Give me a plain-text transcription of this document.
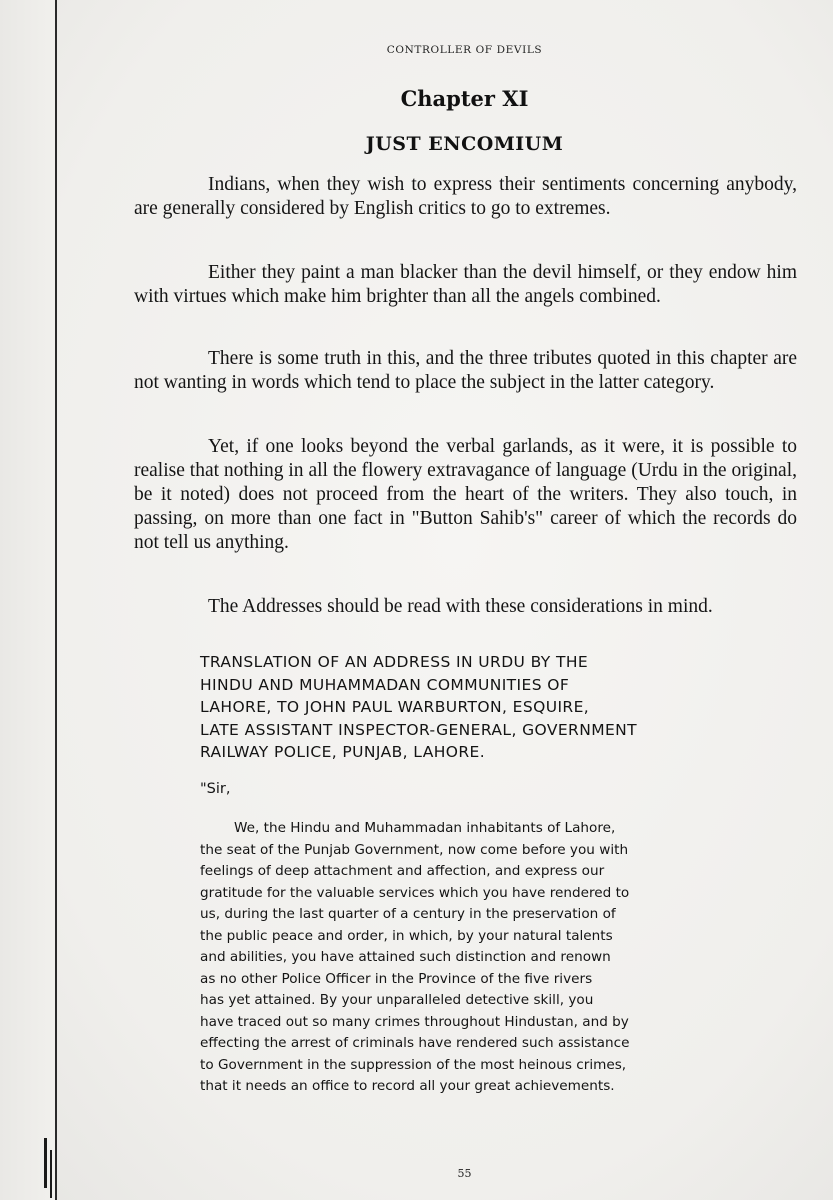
CONTROLLER OF DEVILS
Chapter XI
JUST ENCOMIUM

Indians, when they wish to express their sentiments concerning anybody, are generally considered by English critics to go to extremes.

Either they paint a man blacker than the devil himself, or they endow him with virtues which make him brighter than all the angels combined.

There is some truth in this, and the three tributes quoted in this chapter are not wanting in words which tend to place the subject in the latter category.

Yet, if one looks beyond the verbal garlands, as it were, it is possible to realise that nothing in all the flowery extravagance of language (Urdu in the original, be it noted) does not proceed from the heart of the writers. They also touch, in passing, on more than one fact in "Button Sahib's" career of which the records do not tell us anything.

The Addresses should be read with these considerations in mind.

TRANSLATION OF AN ADDRESS IN URDU BY THE
HINDU AND MUHAMMADAN COMMUNITIES OF
LAHORE, TO JOHN PAUL WARBURTON, ESQUIRE,
LATE ASSISTANT INSPECTOR-GENERAL, GOVERNMENT
RAILWAY POLICE, PUNJAB, LAHORE.
"Sir,
We, the Hindu and Muhammadan inhabitants of Lahore,
the seat of the Punjab Government, now come before you with
feelings of deep attachment and affection, and express our
gratitude for the valuable services which you have rendered to
us, during the last quarter of a century in the preservation of
the public peace and order, in which, by your natural talents
and abilities, you have attained such distinction and renown
as no other Police Officer in the Province of the five rivers
has yet attained. By your unparalleled detective skill, you
have traced out so many crimes throughout Hindustan, and by
effecting the arrest of criminals have rendered such assistance
to Government in the suppression of the most heinous crimes,
that it needs an office to record all your great achievements.
55
